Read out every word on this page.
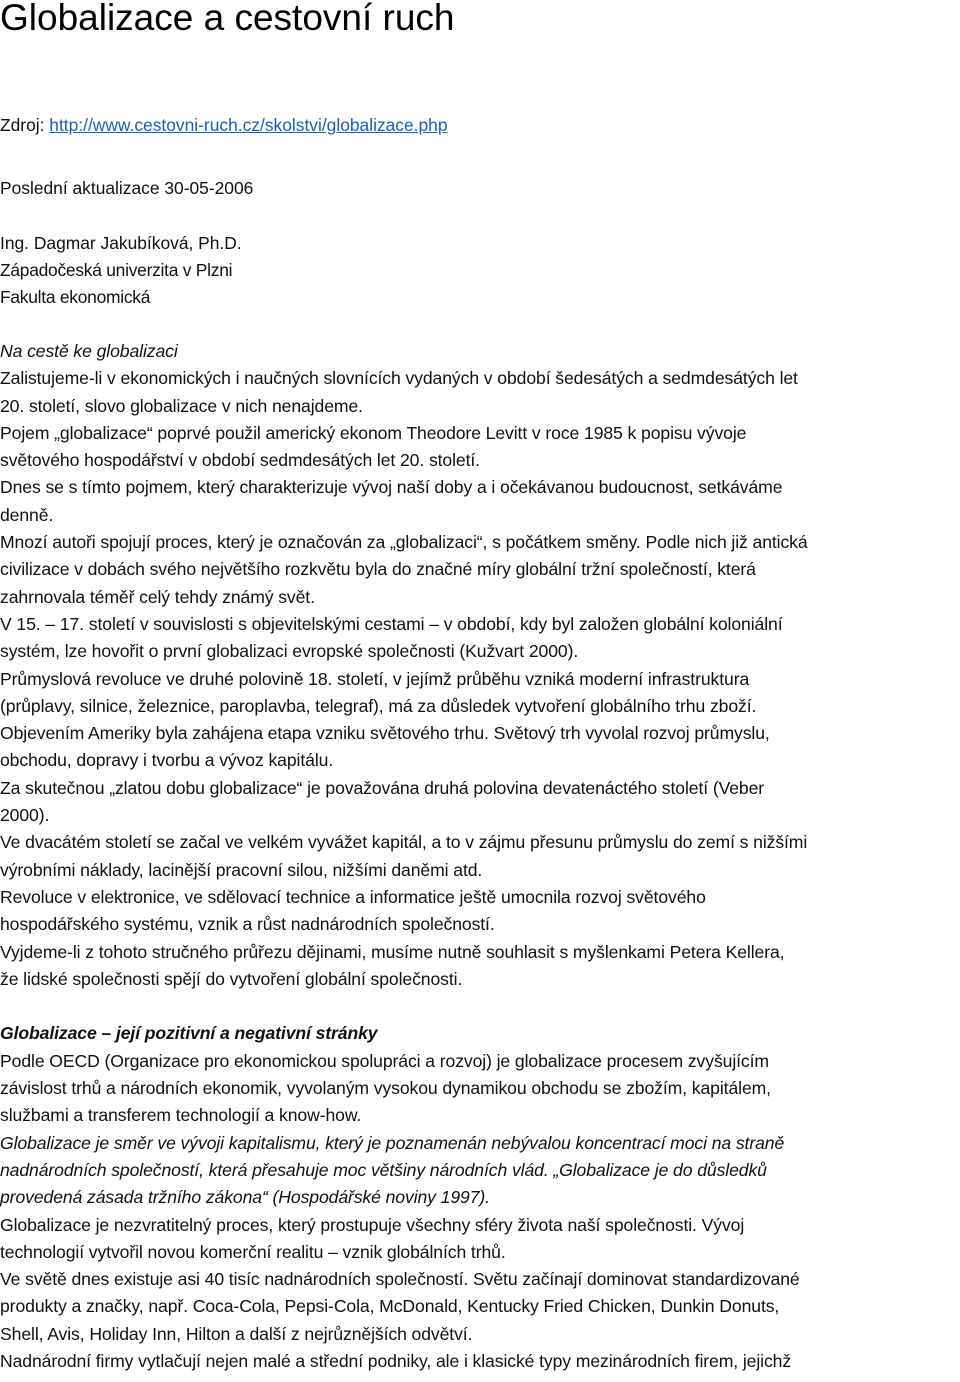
Globalizace a cestovní ruch
Zdroj: http://www.cestovni-ruch.cz/skolstvi/globalizace.php
Poslední aktualizace 30-05-2006
Ing. Dagmar Jakubíková, Ph.D.
Západočeská univerzita v Plzni
Fakulta ekonomická
Na cestě ke globalizaci
Zalistujeme-li v ekonomických i naučných slovnících vydaných v období šedesátých a sedmdesátých let
20. století, slovo globalizace v nich nenajdeme.
Pojem „globalizace“ poprvé použil americký ekonom Theodore Levitt v roce 1985 k popisu vývoje
světového hospodářství v období sedmdesátých let 20. století.
Dnes se s tímto pojmem, který charakterizuje vývoj naší doby a i očekávanou budoucnost, setkáváme
denně.
Mnozí autoři spojují proces, který je označován za „globalizaci“, s počátkem směny. Podle nich již antická
civilizace v dobách svého největšího rozkvětu byla do značné míry globální tržní společností, která
zahrnovala téměř celý tehdy známý svět.
V 15. – 17. století v souvislosti s objevitelskými cestami – v období, kdy byl založen globální koloniální
systém, lze hovořit o první globalizaci evropské společnosti (Kužvart 2000).
Průmyslová revoluce ve druhé polovině 18. století, v jejímž průběhu vzniká moderní infrastruktura
(průplavy, silnice, železnice, paroplavba, telegraf), má za důsledek vytvoření globálního trhu zboží.
Objevením Ameriky byla zahájena etapa vzniku světového trhu. Světový trh vyvolal rozvoj průmyslu,
obchodu, dopravy i tvorbu a vývoz kapitálu.
Za skutečnou „zlatou dobu globalizace“ je považována druhá polovina devatenáctého století (Veber
2000).
Ve dvacátém století se začal ve velkém vyvážet kapitál, a to v zájmu přesunu průmyslu do zemí s nižšími
výrobními náklady, lacinější pracovní silou, nižšími daněmi atd.
Revoluce v elektronice, ve sdělovací technice a informatice ještě umocnila rozvoj světového
hospodářského systému, vznik a růst nadnárodních společností.
Vyjdeme-li z tohoto stručného průřezu dějinami, musíme nutně souhlasit s myšlenkami Petera Kellera,
že lidské společnosti spějí do vytvoření globální společnosti.
Globalizace – její pozitivní a negativní stránky
Podle OECD (Organizace pro ekonomickou spolupráci a rozvoj) je globalizace procesem zvyšujícím
závislost trhů a národních ekonomik, vyvolaným vysokou dynamikou obchodu se zbožím, kapitálem,
službami a transferem technologií a know-how.
Globalizace je směr ve vývoji kapitalismu, který je poznamenán nebývalou koncentrací moci na straně
nadnárodních společností, která přesahuje moc většiny národních vlád. „Globalizace je do důsledků
provedená zásada tržního zákona“ (Hospodářské noviny 1997).
Globalizace je nezvratitelný proces, který prostupuje všechny sféry života naší společnosti. Vývoj
technologií vytvořil novou komerční realitu – vznik globálních trhů.
Ve světě dnes existuje asi 40 tisíc nadnárodních společností. Světu začínají dominovat standardizované
produkty a značky, např. Coca-Cola, Pepsi-Cola, McDonald, Kentucky Fried Chicken, Dunkin Donuts,
Shell, Avis, Holiday Inn, Hilton a další z nejrůznějších odvětví.
Nadnárodní firmy vytlačují nejen malé a střední podniky, ale i klasické typy mezinárodních firem, jejichž
